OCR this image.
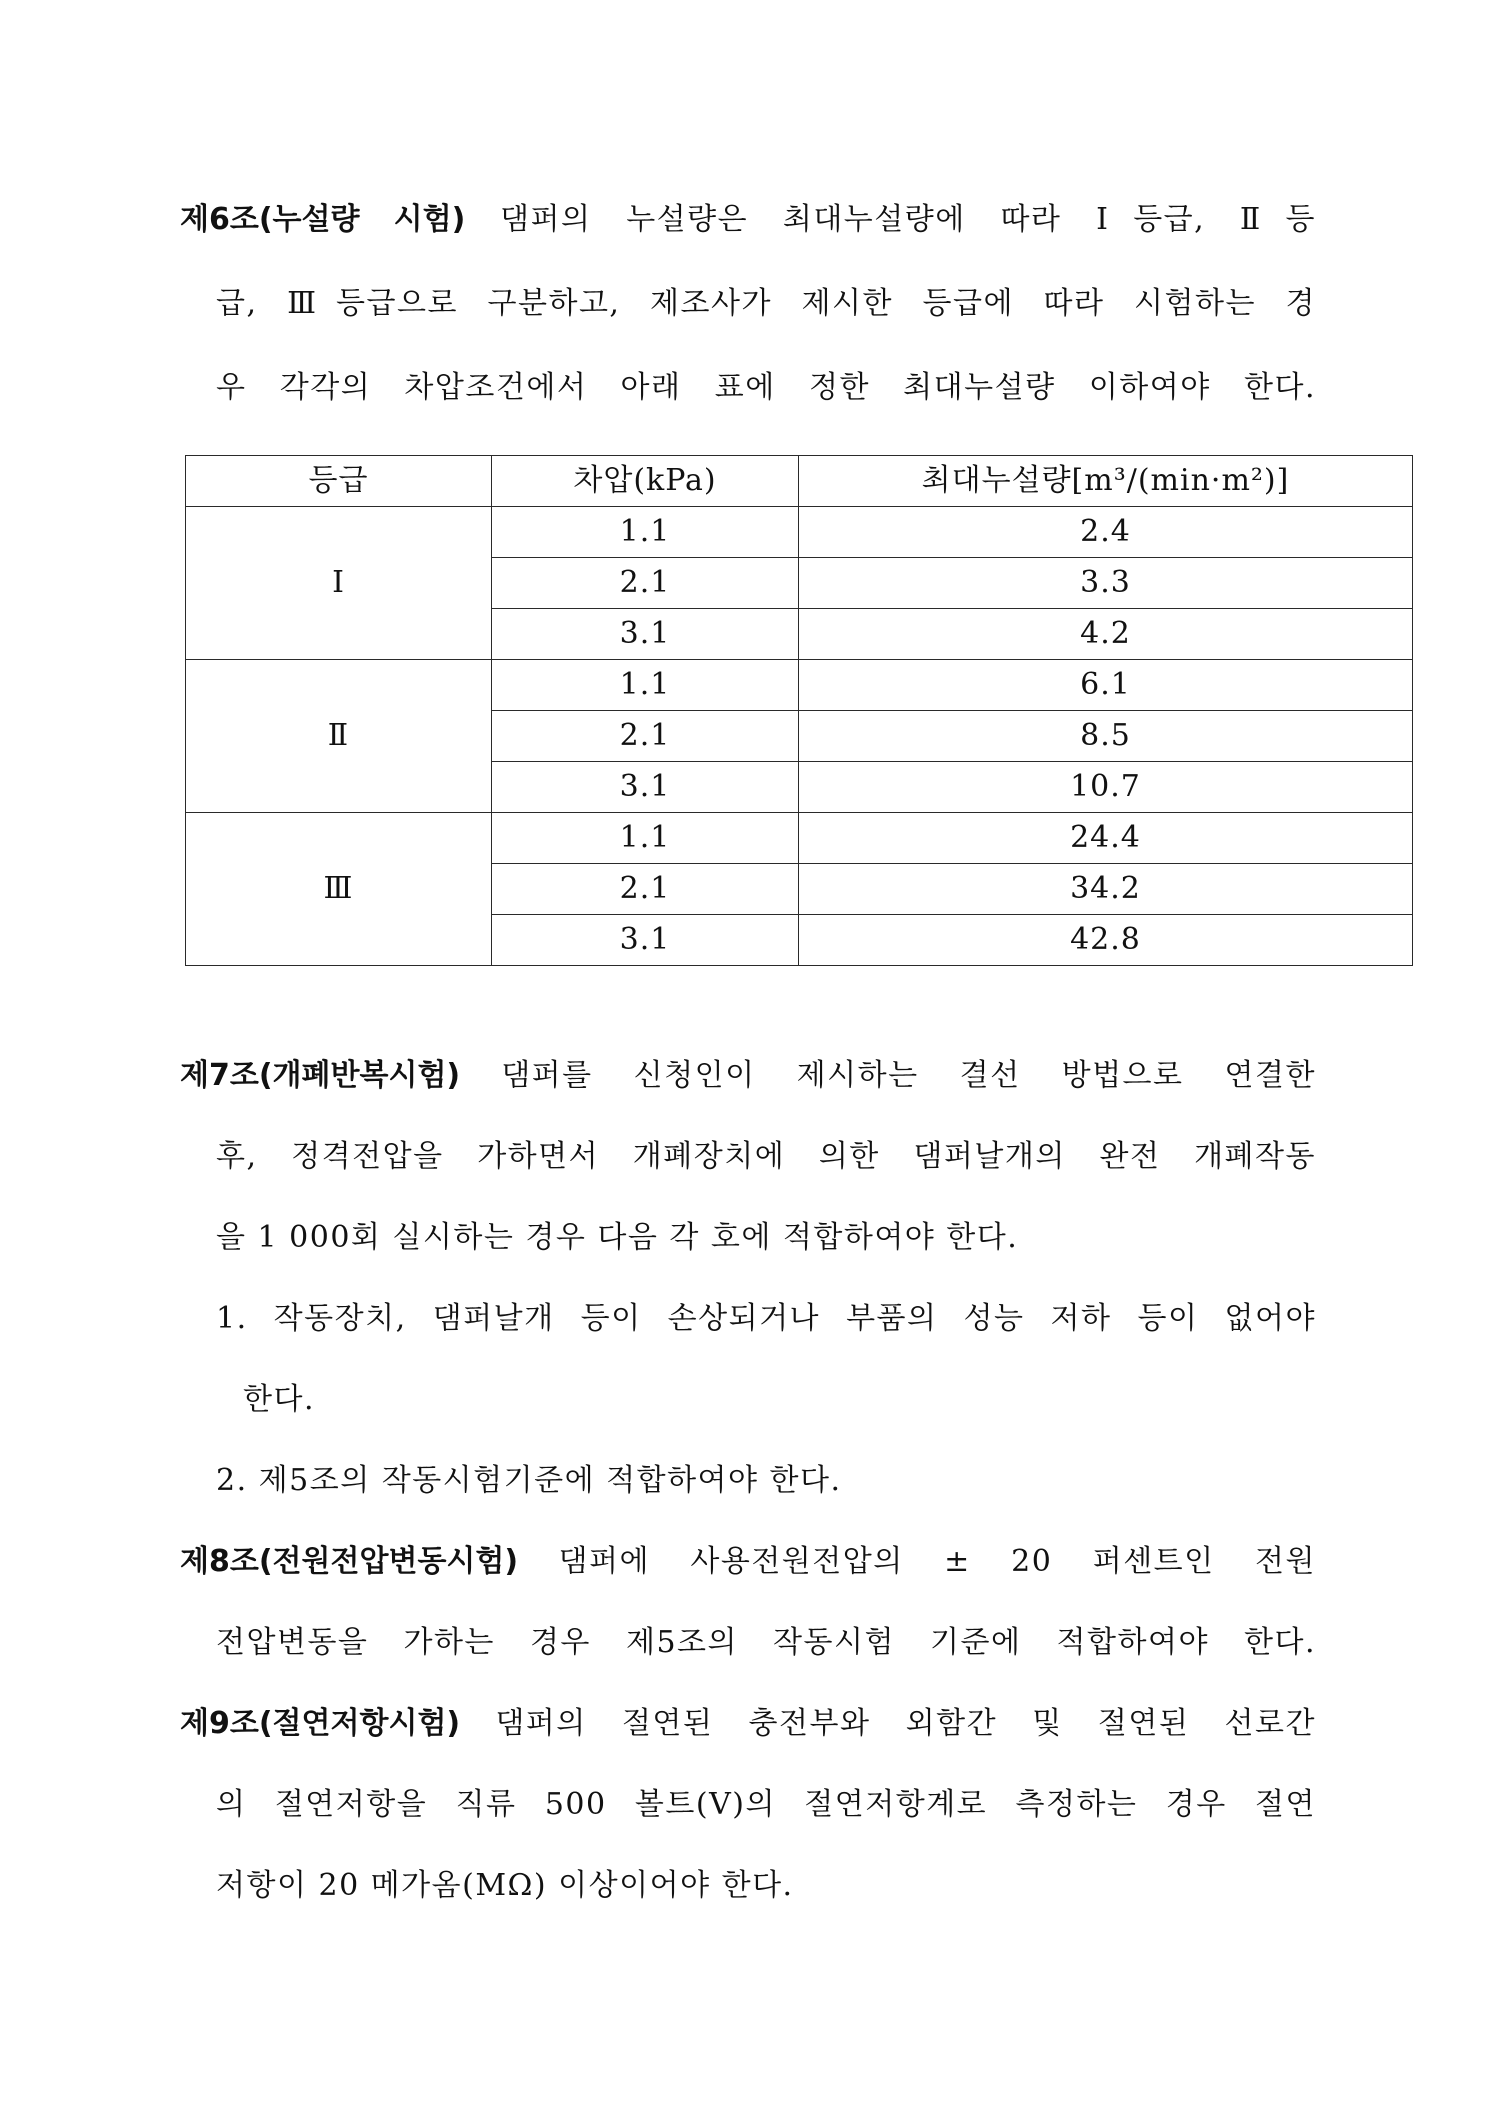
제6조(누설량 시험) 댐퍼의 누설량은 최대누설량에 따라 Ⅰ등급, Ⅱ등
급, Ⅲ등급으로 구분하고, 제조사가 제시한 등급에 따라 시험하는 경
우 각각의 차압조건에서 아래 표에 정한 최대누설량 이하여야 한다.
등급	차압(kPa)	최대누설량[m³/(min·m²)]
Ⅰ	1.1	2.4
	2.1	3.3
	3.1	4.2
Ⅱ	1.1	6.1
	2.1	8.5
	3.1	10.7
Ⅲ	1.1	24.4
	2.1	34.2
	3.1	42.8
제7조(개폐반복시험) 댐퍼를 신청인이 제시하는 결선 방법으로 연결한
후, 정격전압을 가하면서 개폐장치에 의한 댐퍼날개의 완전 개폐작동
을 1 000회 실시하는 경우 다음 각 호에 적합하여야 한다.
1. 작동장치, 댐퍼날개 등이 손상되거나 부품의 성능 저하 등이 없어야
한다.
2. 제5조의 작동시험기준에 적합하여야 한다.
제8조(전원전압변동시험) 댐퍼에 사용전원전압의 ± 20 퍼센트인 전원
전압변동을 가하는 경우 제5조의 작동시험 기준에 적합하여야 한다.
제9조(절연저항시험) 댐퍼의 절연된 충전부와 외함간 및 절연된 선로간
의 절연저항을 직류 500 볼트(V)의 절연저항계로 측정하는 경우 절연
저항이 20 메가옴(MΩ) 이상이어야 한다.
